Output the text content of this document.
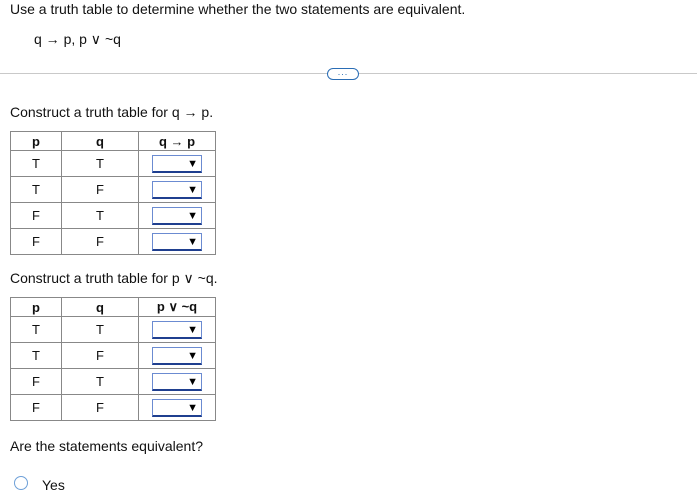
Use a truth table to determine whether the two statements are equivalent.
q → p, p ∨ ~q
...
Construct a truth table for q → p.
p	q	q → p
T	T	▼

T	F	▼

F	T	▼

F	F	▼
Construct a truth table for p ∨ ~q.
p	q	p ∨ ~q
T	T	▼

T	F	▼

F	T	▼

F	F	▼
Are the statements equivalent?
Yes
